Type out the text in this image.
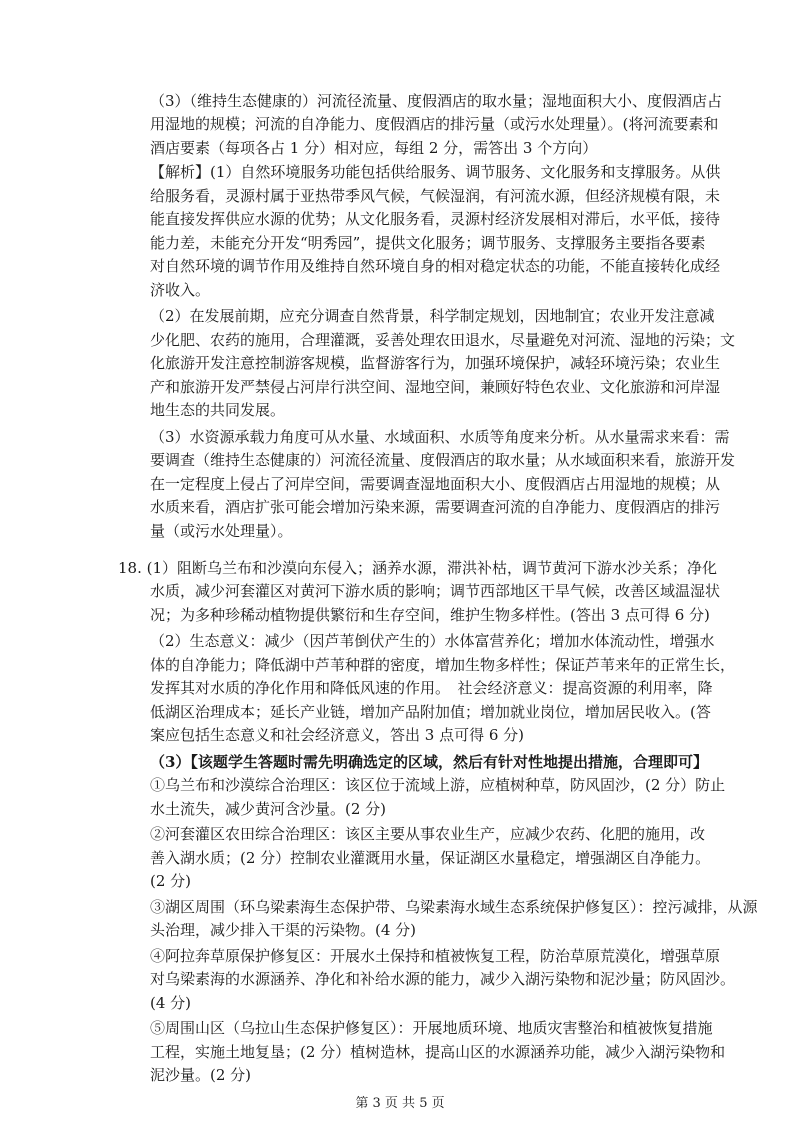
（3）（维持生态健康的）河流径流量、度假酒店的取水量；湿地面积大小、度假酒店占

用湿地的规模；河流的自净能力、度假酒店的排污量（或污水处理量）。(将河流要素和

酒店要素（每项各占 1 分）相对应，每组 2 分，需答出 3 个方向）

【解析】(1）自然环境服务功能包括供给服务、调节服务、文化服务和支撑服务。从供

给服务看，灵源村属于亚热带季风气候，气候湿润，有河流水源，但经济规模有限，未

能直接发挥供应水源的优势；从文化服务看，灵源村经济发展相对滞后，水平低，接待

能力差，未能充分开发“明秀园”，提供文化服务；调节服务、支撑服务主要指各要素

对自然环境的调节作用及维持自然环境自身的相对稳定状态的功能，不能直接转化成经

济收入。

（2）在发展前期，应充分调查自然背景，科学制定规划，因地制宜；农业开发注意减

少化肥、农药的施用，合理灌溉，妥善处理农田退水，尽量避免对河流、湿地的污染；文

化旅游开发注意控制游客规模，监督游客行为，加强环境保护，减轻环境污染；农业生

产和旅游开发严禁侵占河岸行洪空间、湿地空间，兼顾好特色农业、文化旅游和河岸湿

地生态的共同发展。

（3）水资源承载力角度可从水量、水域面积、水质等角度来分析。从水量需求来看：需

要调查（维持生态健康的）河流径流量、度假酒店的取水量；从水域面积来看，旅游开发

在一定程度上侵占了河岸空间，需要调查湿地面积大小、度假酒店占用湿地的规模；从

水质来看，酒店扩张可能会增加污染来源，需要调查河流的自净能力、度假酒店的排污

量（或污水处理量）。

18. (1）阻断乌兰布和沙漠向东侵入；涵养水源，滞洪补枯，调节黄河下游水沙关系；净化

水质，减少河套灌区对黄河下游水质的影响；调节西部地区干旱气候，改善区域温湿状

况；为多种珍稀动植物提供繁衍和生存空间，维护生物多样性。(答出 3 点可得 6 分)

（2）生态意义：减少（因芦苇倒伏产生的）水体富营养化；增加水体流动性，增强水

体的自净能力；降低湖中芦苇种群的密度，增加生物多样性；保证芦苇来年的正常生长，

发挥其对水质的净化作用和降低风速的作用。　社会经济意义：提高资源的利用率，降

低湖区治理成本；延长产业链，增加产品附加值；增加就业岗位，增加居民收入。(答

案应包括生态意义和社会经济意义，答出 3 点可得 6 分)

（3）【该题学生答题时需先明确选定的区域，然后有针对性地提出措施，合理即可】

①乌兰布和沙漠综合治理区：该区位于流域上游，应植树种草，防风固沙，(2 分）防止

水土流失，减少黄河含沙量。(2 分)

②河套灌区农田综合治理区：该区主要从事农业生产，应减少农药、化肥的施用，改

善入湖水质；(2 分）控制农业灌溉用水量，保证湖区水量稳定，增强湖区自净能力。

(2 分)

③湖区周围（环乌梁素海生态保护带、乌梁素海水域生态系统保护修复区）：控污减排，从源

头治理，减少排入干渠的污染物。(4 分)

④阿拉奔草原保护修复区：开展水土保持和植被恢复工程，防治草原荒漠化，增强草原

对乌梁素海的水源涵养、净化和补给水源的能力，减少入湖污染物和泥沙量；防风固沙。

(4 分)

⑤周围山区（乌拉山生态保护修复区）：开展地质环境、地质灾害整治和植被恢复措施

工程，实施土地复垦；(2 分）植树造林，提高山区的水源涵养功能，减少入湖污染物和

泥沙量。(2 分)

第 3 页 共 5 页
